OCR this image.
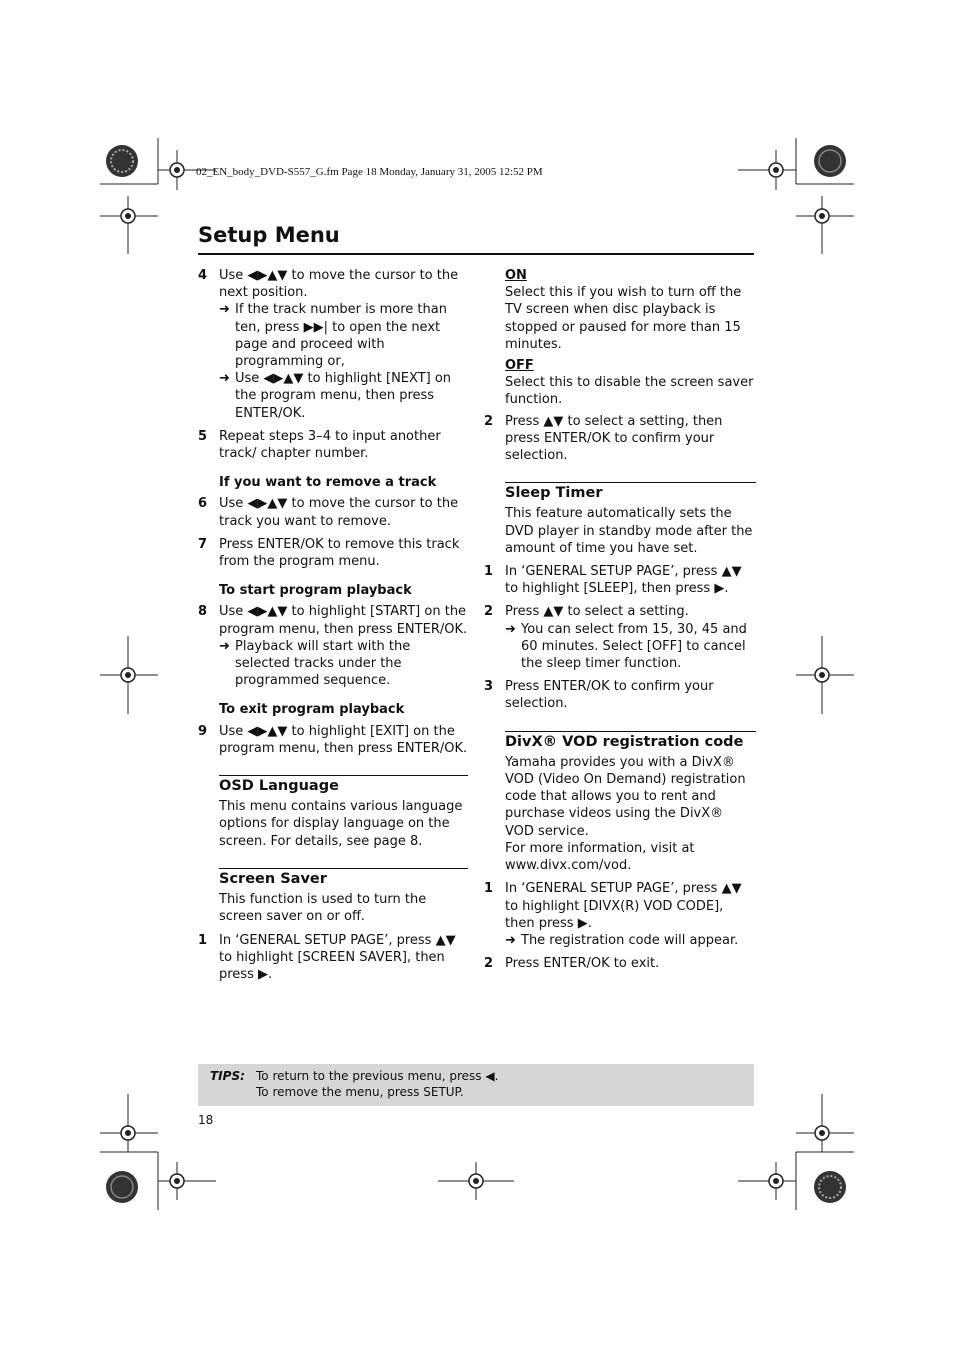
02_EN_body_DVD-S557_G.fm Page 18 Monday, January 31, 2005 12:52 PM
Setup Menu
4 Use ◀▶▲▼ to move the cursor to the next position.
➜ If the track number is more than ten, press ▶▶| to open the next page and proceed with programming or,
➜ Use ◀▶▲▼ to highlight [NEXT] on the program menu, then press ENTER/OK.
5 Repeat steps 3–4 to input another track/ chapter number.
If you want to remove a track
6 Use ◀▶▲▼ to move the cursor to the track you want to remove.
7 Press ENTER/OK to remove this track from the program menu.
To start program playback
8 Use ◀▶▲▼ to highlight [START] on the program menu, then press ENTER/OK.
➜ Playback will start with the selected tracks under the programmed sequence.
To exit program playback
9 Use ◀▶▲▼ to highlight [EXIT] on the program menu, then press ENTER/OK.
OSD Language

This menu contains various language options for display language on the screen. For details, see page 8.

Screen Saver

This function is used to turn the screen saver on or off.

1 In ‘GENERAL SETUP PAGE’, press ▲▼ to highlight [SCREEN SAVER], then press ▶.
ON
Select this if you wish to turn off the TV screen when disc playback is stopped or paused for more than 15 minutes.
OFF
Select this to disable the screen saver function.
2 Press ▲▼ to select a setting, then press ENTER/OK to confirm your selection.
Sleep Timer

This feature automatically sets the DVD player in standby mode after the amount of time you have set.

1 In ‘GENERAL SETUP PAGE’, press ▲▼ to highlight [SLEEP], then press ▶.
2 Press ▲▼ to select a setting.
➜ You can select from 15, 30, 45 and 60 minutes. Select [OFF] to cancel the sleep timer function.
3 Press ENTER/OK to confirm your selection.
DivX® VOD registration code

Yamaha provides you with a DivX® VOD (Video On Demand) registration code that allows you to rent and purchase videos using the DivX® VOD service.

For more information, visit at www.divx.com/vod.

1 In ‘GENERAL SETUP PAGE’, press ▲▼ to highlight [DIVX(R) VOD CODE], then press ▶.
➜ The registration code will appear.
2 Press ENTER/OK to exit.
TIPS: To return to the previous menu, press ◀.
To remove the menu, press SETUP.
18
